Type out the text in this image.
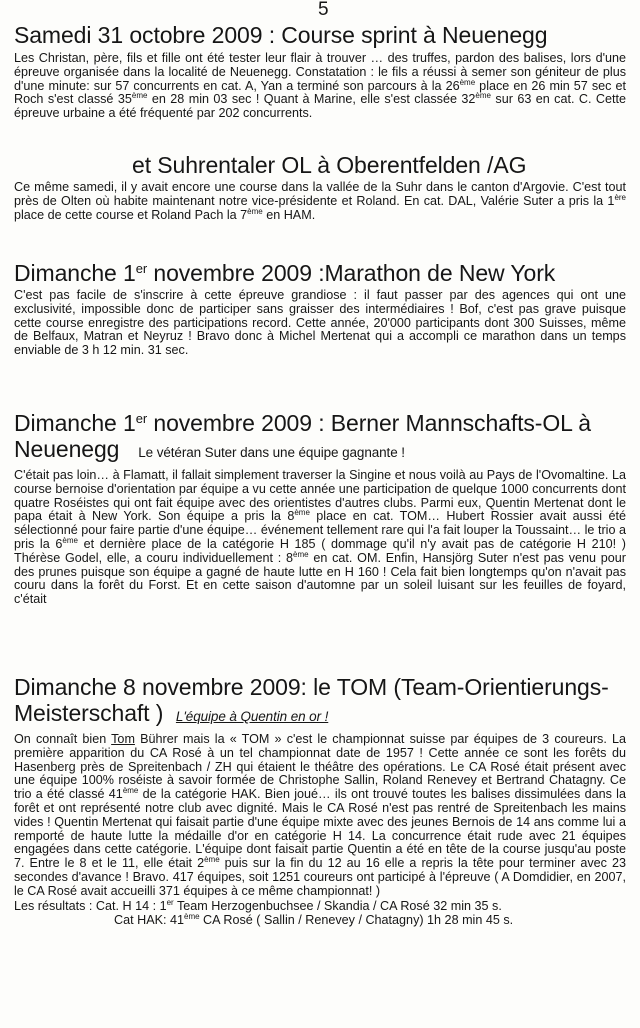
5
Samedi 31 octobre 2009 : Course sprint à Neuenegg

Les Christan, père, fils et fille ont été tester leur flair à trouver … des truffes, pardon des balises, lors d'une épreuve organisée dans la localité de Neuenegg. Constatation : le fils a réussi à semer son géniteur de plus d'une minute: sur 57 concurrents en cat. A, Yan a terminé son parcours à la 26ème place en 26 min 57 sec et Roch s'est classé 35ème en 28 min 03 sec ! Quant à Marine, elle s'est classée 32ème sur 63 en cat. C. Cette épreuve urbaine a été fréquenté par 202 concurrents.

et Suhrentaler OL à Oberentfelden /AG

Ce même samedi, il y avait encore une course dans la vallée de la Suhr dans le canton d'Argovie. C'est tout près de Olten où habite maintenant notre vice-présidente et Roland. En cat. DAL, Valérie Suter a pris la 1ère place de cette course et Roland Pach la 7ème en HAM.

Dimanche 1er novembre 2009 :Marathon de New York

C'est pas facile de s'inscrire à cette épreuve grandiose : il faut passer par des agences qui ont une exclusivité, impossible donc de participer sans graisser des intermédiaires ! Bof, c'est pas grave puisque cette course enregistre des participations record. Cette année, 20'000 participants dont 300 Suisses, même de Belfaux, Matran et Neyruz ! Bravo donc à Michel Mertenat qui a accompli ce marathon dans un temps enviable de 3 h 12 min. 31 sec.

Dimanche 1er novembre 2009 : Berner Mannschafts-OL à Neuenegg Le vétéran Suter dans une équipe gagnante !

C'était pas loin… à Flamatt, il fallait simplement traverser la Singine et nous voilà au Pays de l'Ovomaltine. La course bernoise d'orientation par équipe a vu cette année une participation de quelque 1000 concurrents dont quatre Roséistes qui ont fait équipe avec des orientistes d'autres clubs. Parmi eux, Quentin Mertenat dont le papa était à New York. Son équipe a pris la 8ème place en cat. TOM… Hubert Rossier avait aussi été sélectionné pour faire partie d'une équipe… événement tellement rare qui l'a fait louper la Toussaint… le trio a pris la 6ème et dernière place de la catégorie H 185 ( dommage qu'il n'y avait pas de catégorie H 210! ) Thérèse Godel, elle, a couru individuellement : 8ème en cat. OM. Enfin, Hansjörg Suter n'est pas venu pour des prunes puisque son équipe a gagné de haute lutte en H 160 ! Cela fait bien longtemps qu'on n'avait pas couru dans la forêt du Forst. Et en cette saison d'automne par un soleil luisant sur les feuilles de foyard, c'était

Dimanche 8 novembre 2009: le TOM (Team-Orientierungs-Meisterschaft ) L'équipe à Quentin en or !

On connaît bien Tom Bührer mais la « TOM » c'est le championnat suisse par équipes de 3 coureurs. La première apparition du CA Rosé à un tel championnat date de 1957 ! Cette année ce sont les forêts du Hasenberg près de Spreitenbach / ZH qui étaient le théâtre des opérations. Le CA Rosé était présent avec une équipe 100% roséiste à savoir formée de Christophe Sallin, Roland Renevey et Bertrand Chatagny. Ce trio a été classé 41ème de la catégorie HAK. Bien joué… ils ont trouvé toutes les balises dissimulées dans la forêt et ont représenté notre club avec dignité. Mais le CA Rosé n'est pas rentré de Spreitenbach les mains vides ! Quentin Mertenat qui faisait partie d'une équipe mixte avec des jeunes Bernois de 14 ans comme lui a remporté de haute lutte la médaille d'or en catégorie H 14. La concurrence était rude avec 21 équipes engagées dans cette catégorie. L'équipe dont faisait partie Quentin a été en tête de la course jusqu'au poste 7. Entre le 8 et le 11, elle était 2ème puis sur la fin du 12 au 16 elle a repris la tête pour terminer avec 23 secondes d'avance ! Bravo. 417 équipes, soit 1251 coureurs ont participé à l'épreuve ( A Domdidier, en 2007, le CA Rosé avait accueilli 371 équipes à ce même championnat! )

Les résultats : Cat. H 14 : 1er Team Herzogenbuchsee / Skandia / CA Rosé 32 min 35 s.
Cat HAK: 41ème CA Rosé ( Sallin / Renevey / Chatagny) 1h 28 min 45 s.
